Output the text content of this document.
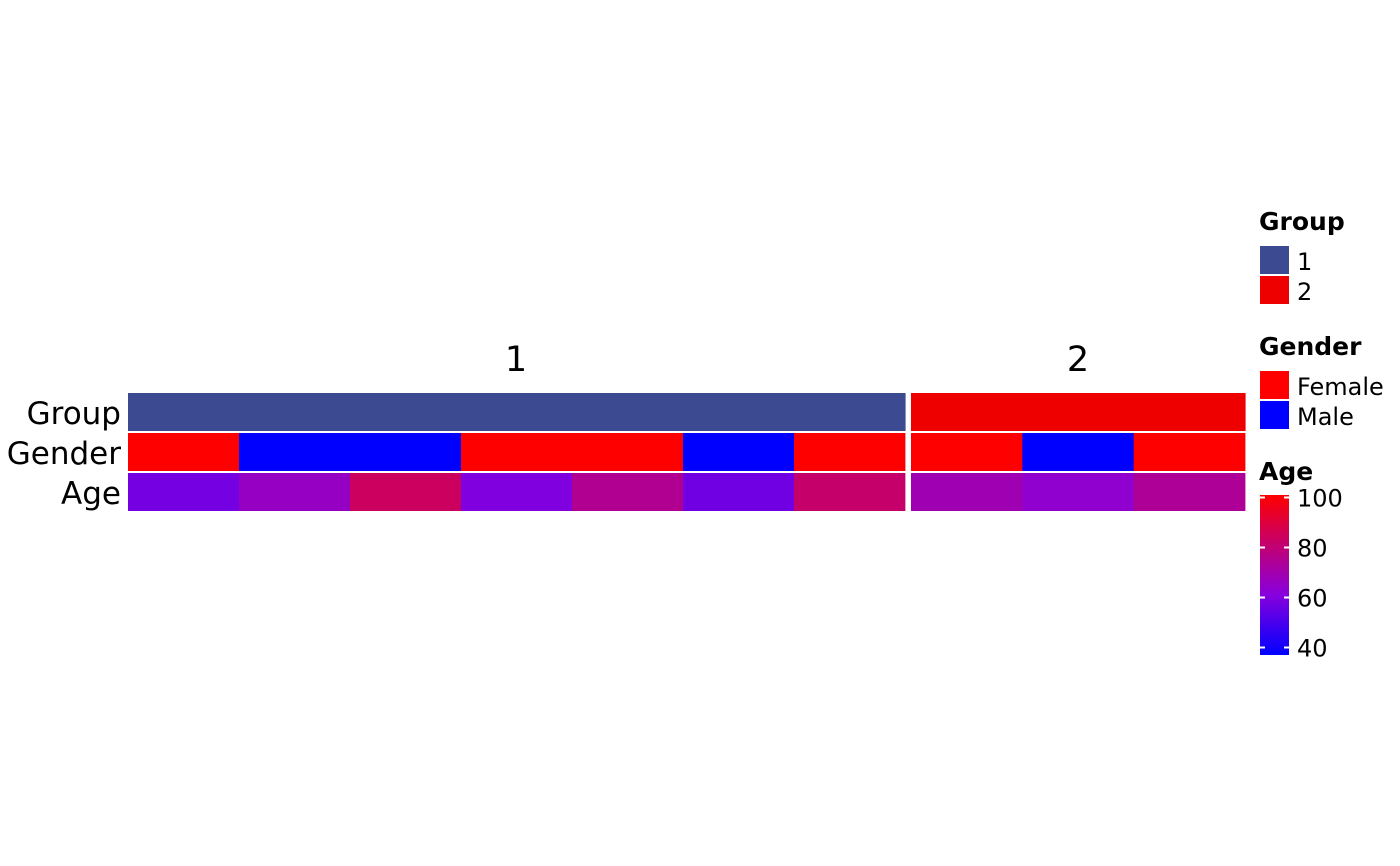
1	2
Group
Gender
Age
Group
1
2
Gender
Female
Male
Age
40
60
80
100
